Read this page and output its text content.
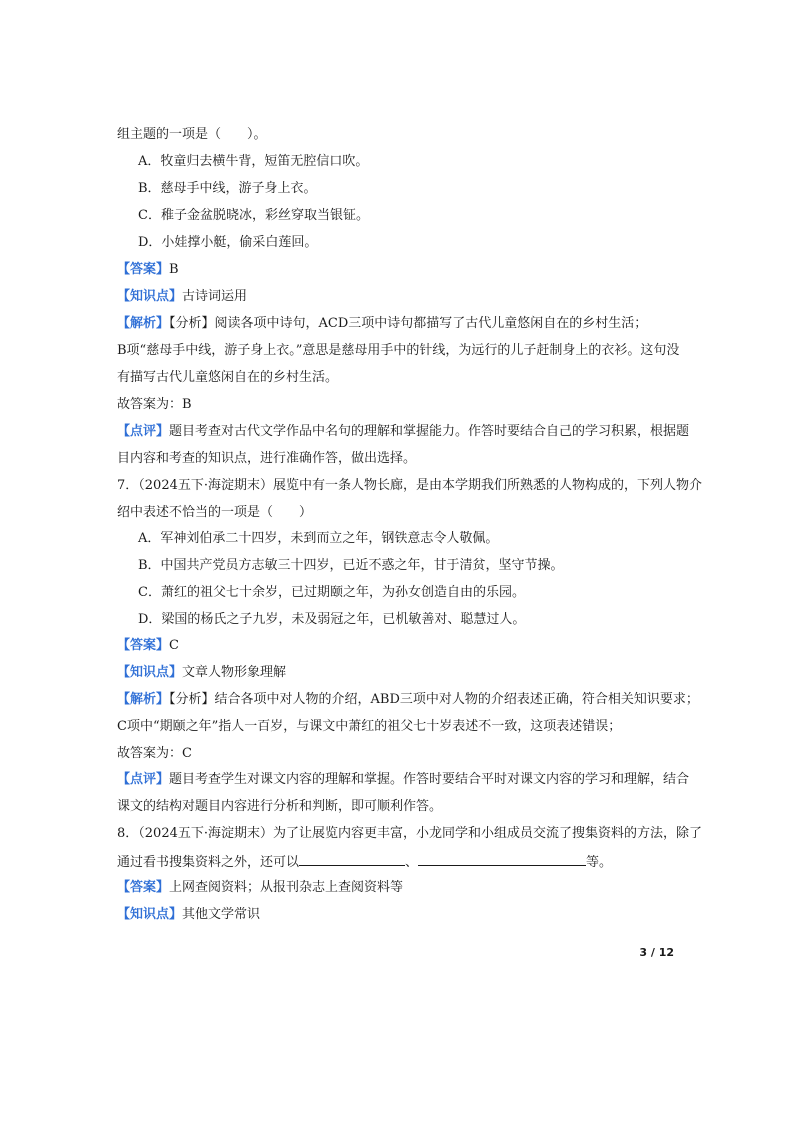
组主题的一项是（　　）。
A．牧童归去横牛背，短笛无腔信口吹。
B．慈母手中线，游子身上衣。
C．稚子金盆脱晓冰，彩丝穿取当银钲。
D．小娃撑小艇，偷采白莲回。
【答案】B
【知识点】古诗词运用
【解析】【分析】阅读各项中诗句，ACD三项中诗句都描写了古代儿童悠闲自在的乡村生活；
B项“慈母手中线，游子身上衣。”意思是慈母用手中的针线，为远行的儿子赶制身上的衣衫。这句没
有描写古代儿童悠闲自在的乡村生活。
故答案为：B
【点评】题目考查对古代文学作品中名句的理解和掌握能力。作答时要结合自己的学习积累，根据题
目内容和考查的知识点，进行准确作答，做出选择。
7．（2024五下·海淀期末）展览中有一条人物长廊，是由本学期我们所熟悉的人物构成的，下列人物介
绍中表述不恰当的一项是（　　）
A．军神刘伯承二十四岁，未到而立之年，钢铁意志令人敬佩。
B．中国共产党员方志敏三十四岁，已近不惑之年，甘于清贫，坚守节操。
C．萧红的祖父七十余岁，已过期颐之年，为孙女创造自由的乐园。
D．梁国的杨氏之子九岁，未及弱冠之年，已机敏善对、聪慧过人。
【答案】C
【知识点】文章人物形象理解
【解析】【分析】结合各项中对人物的介绍，ABD三项中对人物的介绍表述正确，符合相关知识要求；
C项中“期颐之年”指人一百岁，与课文中萧红的祖父七十岁表述不一致，这项表述错误；
故答案为：C
【点评】题目考查学生对课文内容的理解和掌握。作答时要结合平时对课文内容的学习和理解，结合
课文的结构对题目内容进行分析和判断，即可顺利作答。
8．（2024五下·海淀期末）为了让展览内容更丰富，小龙同学和小组成员交流了搜集资料的方法，除了
通过看书搜集资料之外，还可以	、	等。
【答案】上网查阅资料；从报刊杂志上查阅资料等
【知识点】其他文学常识
3 / 12
